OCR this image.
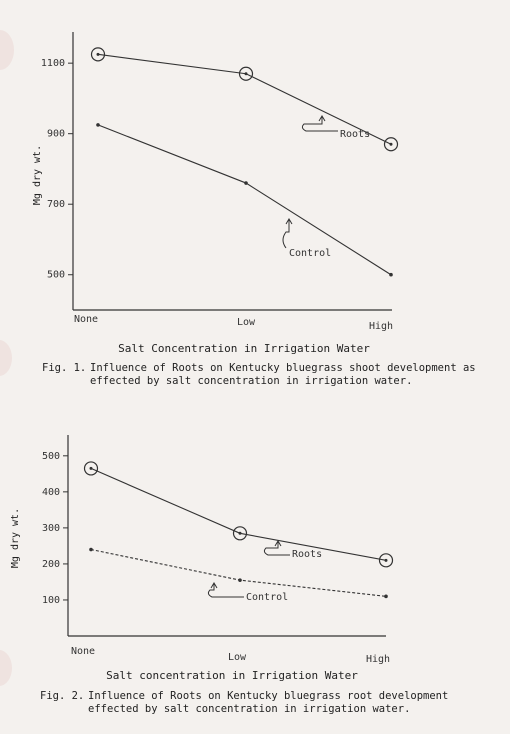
500
700
900
1100
None	Low	High
Salt Concentration in Irrigation Water
Mg dry wt.
Roots
Control
Fig. 1. Influence of Roots on Kentucky bluegrass shoot development as effected by salt concentration in irrigation water.
100
200
300
400
500
None
Low	High
Salt concentration in Irrigation Water
Mg dry wt.	Roots
Control
Fig. 2. Influence of Roots on Kentucky bluegrass root development effected by salt concentration in irrigation water.
